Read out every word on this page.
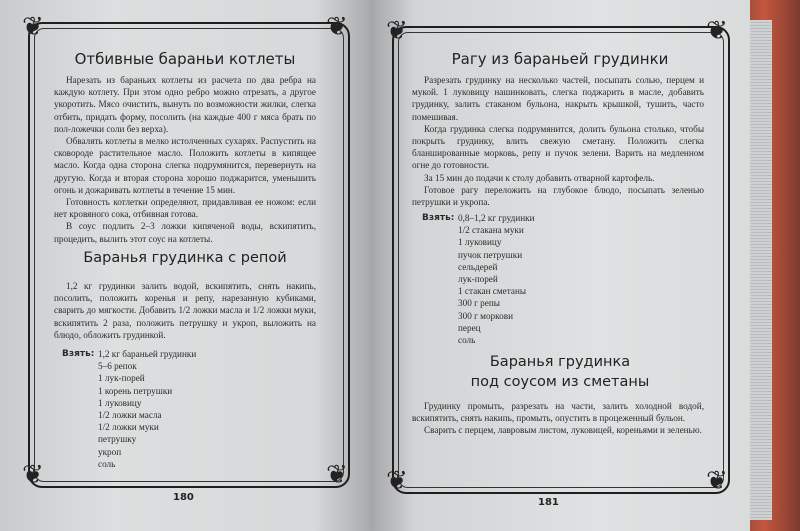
❦	❦
❦	❦
Отбивные бараньи котлеты

Нарезать из бараньих котлеты из расчета по два ребра на каждую котлету. При этом одно ребро можно отрезать, а другое укоротить. Мясо очистить, вынуть по возможности жилки, слегка отбить, придать форму, посолить (на каждые 400 г мяса брать по пол-ложечки соли без верха).

Обвалять котлеты в мелко истолченных сухарях. Распустить на сковороде растительное масло. Положить котлеты в кипящее масло. Когда одна сторона слегка подрумянится, перевернуть на другую. Когда и вторая сторона хорошо поджарится, уменьшить огонь и дожаривать котлеты в течение 15 мин.

Готовность котлетки определяют, придавливая ее ножом: если нет кровяного сока, отбивная готова.

В соус подлить 2–3 ложки кипяченой воды, вскипятить, процедить, вылить этот соус на котлеты.

Баранья грудинка с репой

1,2 кг грудинки залить водой, вскипятить, снять накипь, посолить, положить коренья и репу, нарезанную кубиками, сварить до мягкости. Добавить 1/2 ложки масла и 1/2 ложки муки, вскипятить 2 раза, положить петрушку и укроп, выложить на блюдо, обложить грудинкой.

Взять: 1,2 кг бараньей грудинки
5–6 репок
1 лук-порей
1 корень петрушки
1 луковицу
1/2 ложки масла
1/2 ложки муки
петрушку
укроп
соль
180
❦	❦
❦	❦
Рагу из бараньей грудинки

Разрезать грудинку на несколько частей, посыпать солью, перцем и мукой. 1 луковицу нашинковать, слегка поджарить в масле, добавить грудинку, залить стаканом бульона, накрыть крышкой, тушить, часто помешивая.

Когда грудинка слегка подрумянится, долить бульона столько, чтобы покрыть грудинку, влить свежую сметану. Положить слегка бланшированные морковь, репу и пучок зелени. Варить на медленном огне до готовности.

За 15 мин до подачи к столу добавить отварной картофель.

Готовое рагу переложить на глубокое блюдо, посыпать зеленью петрушки и укропа.

Взять: 0,8–1,2 кг грудинки
1/2 стакана муки
1 луковицу
пучок петрушки
сельдерей
лук-порей
1 стакан сметаны
300 г репы
300 г моркови
перец
соль
Баранья грудинка
под соусом из сметаны

Грудинку промыть, разрезать на части, залить холодной водой, вскипятить, снять накипь, промыть, опустить в процеженный бульон.

Сварить с перцем, лавровым листом, луковицей, кореньями и зеленью.

181
